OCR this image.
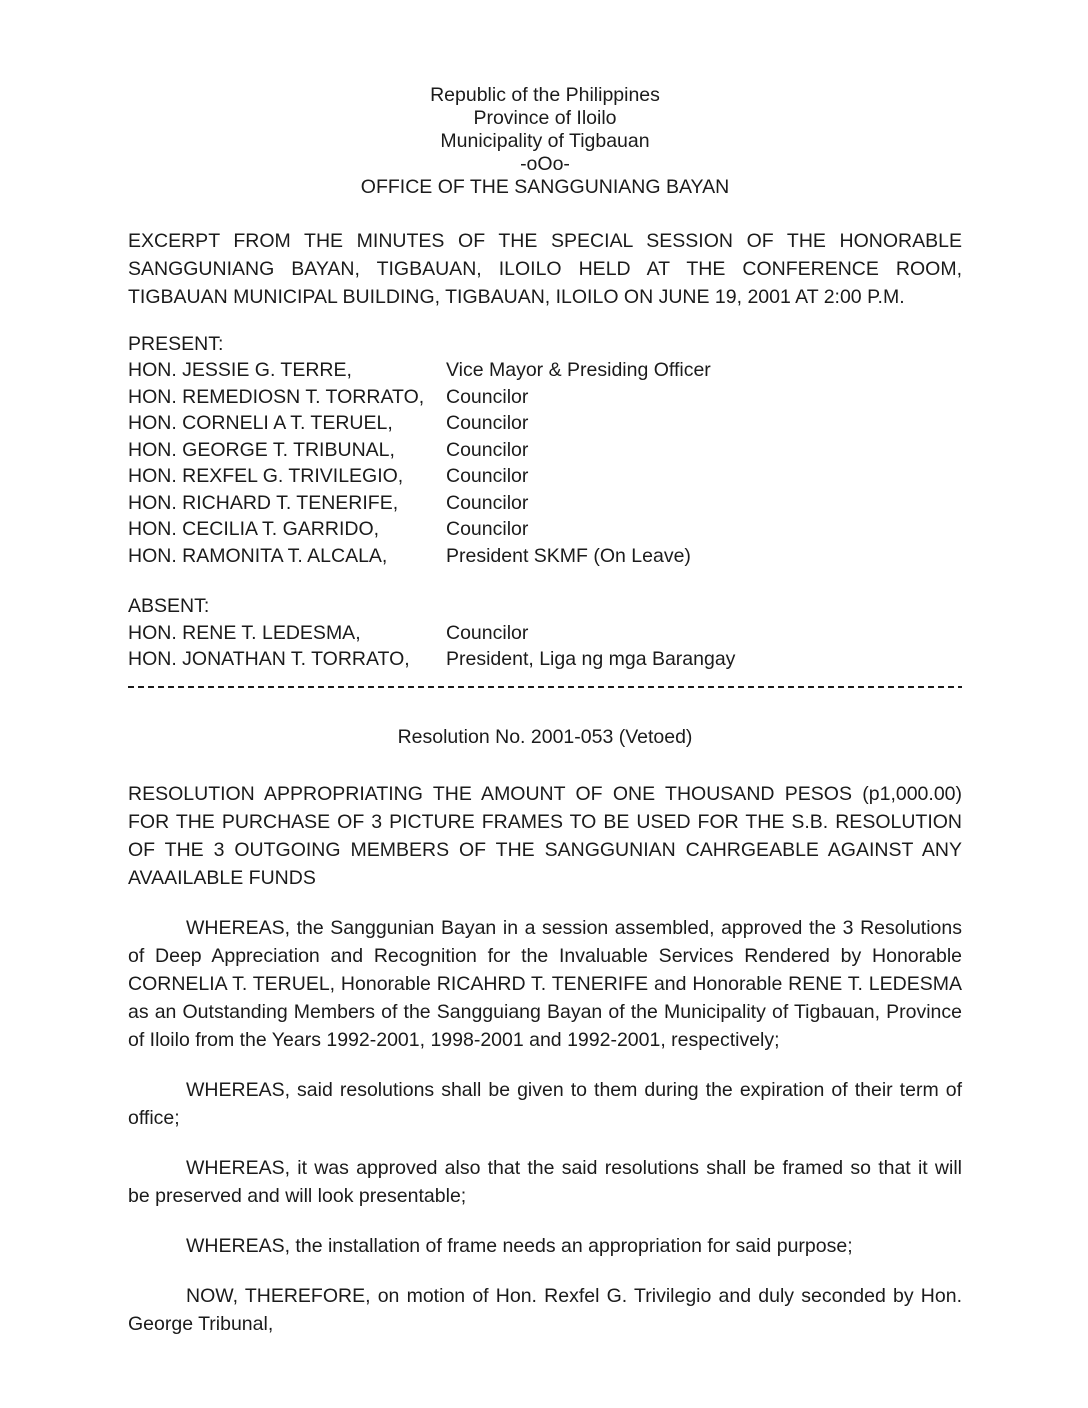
Republic of the Philippines
Province of Iloilo
Municipality of Tigbauan
-oOo-
OFFICE OF THE SANGGUNIANG BAYAN

EXCERPT FROM THE MINUTES OF THE SPECIAL SESSION OF THE HONORABLE SANGGUNIANG BAYAN, TIGBAUAN, ILOILO HELD AT THE CONFERENCE ROOM, TIGBAUAN MUNICIPAL BUILDING, TIGBAUAN, ILOILO ON JUNE 19, 2001 AT 2:00 P.M.

PRESENT:
HON. JESSIE G. TERRE,	Vice Mayor & Presiding Officer
HON. REMEDIOSN T. TORRATO,	Councilor
HON. CORNELI A T. TERUEL,	Councilor
HON. GEORGE T. TRIBUNAL,	Councilor
HON. REXFEL G. TRIVILEGIO,	Councilor
HON. RICHARD T. TENERIFE,	Councilor
HON. CECILIA T. GARRIDO,	Councilor
HON. RAMONITA T. ALCALA,	President SKMF (On Leave)
ABSENT:
HON. RENE T. LEDESMA,	Councilor
HON. JONATHAN T. TORRATO,	President, Liga ng mga Barangay
Resolution No. 2001-053 (Vetoed)

RESOLUTION APPROPRIATING THE AMOUNT OF ONE THOUSAND PESOS (p1,000.00) FOR THE PURCHASE OF 3 PICTURE FRAMES TO BE USED FOR THE S.B. RESOLUTION OF THE 3 OUTGOING MEMBERS OF THE SANGGUNIAN CAHRGEABLE AGAINST ANY AVAAILABLE FUNDS

WHEREAS, the Sanggunian Bayan in a session assembled, approved the 3 Resolutions of Deep Appreciation and Recognition for the Invaluable Services Rendered by Honorable CORNELIA T. TERUEL, Honorable RICAHRD T. TENERIFE and Honorable RENE T. LEDESMA as an Outstanding Members of the Sangguiang Bayan of the Municipality of Tigbauan, Province of Iloilo from the Years 1992-2001, 1998-2001 and 1992-2001, respectively;

WHEREAS, said resolutions shall be given to them during the expiration of their term of office;

WHEREAS, it was approved also that the said resolutions shall be framed so that it will be preserved and will look presentable;

WHEREAS, the installation of frame needs an appropriation for said purpose;

NOW, THEREFORE, on motion of Hon. Rexfel G. Trivilegio and duly seconded by Hon. George Tribunal,
